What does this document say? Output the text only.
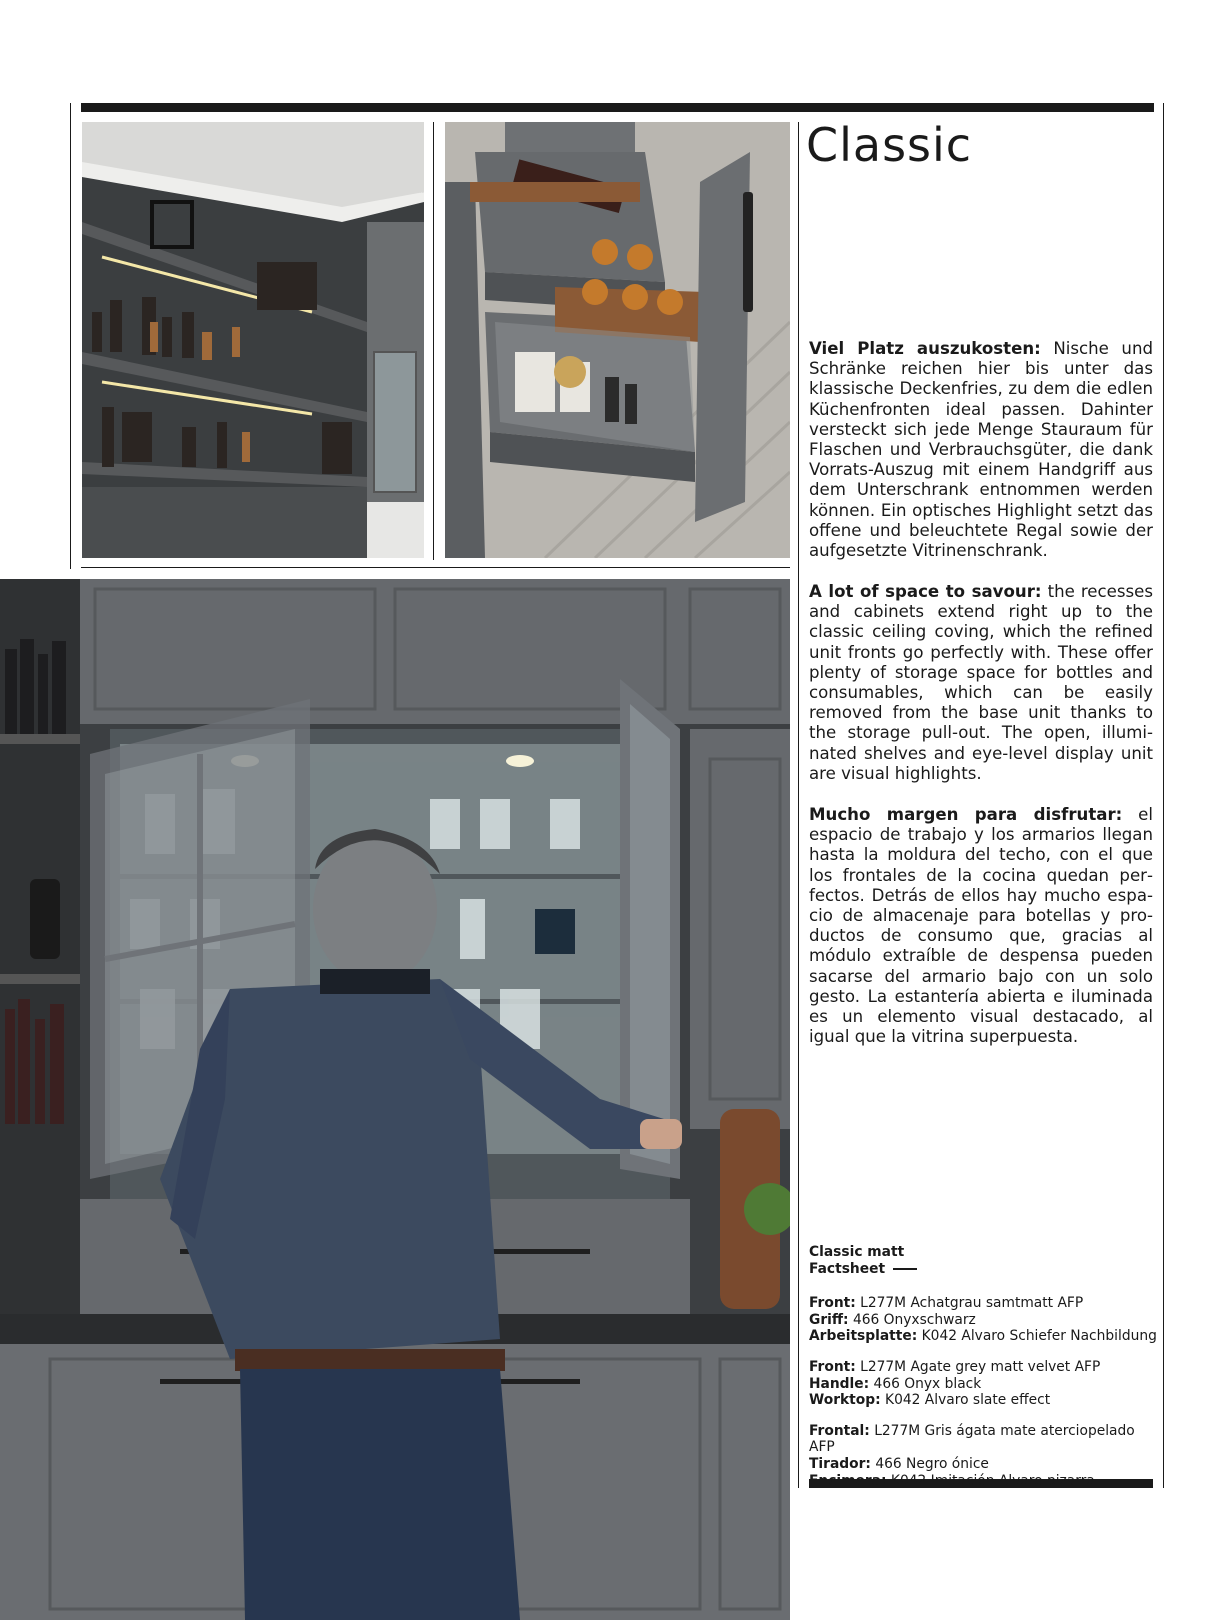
Classic

Viel Platz auszukosten: Nische und Schränke reichen hier bis unter das klassische Deckenfries, zu dem die edlen Küchenfronten ideal passen. Dahinter versteckt sich jede Menge Stauraum für Flaschen und Verbrauchsgüter, die dank Vorrats-Auszug mit einem Handgriff aus dem Unterschrank entnommen werden können. Ein optisches Highlight setzt das offene und beleuchtete Regal sowie der aufgesetzte Vitrinenschrank.

A lot of space to savour: the recesses and cabinets extend right up to the classic ceiling coving, which the refined unit fronts go perfectly with. These offer plenty of storage space for bottles and consumables, which can be easily removed from the base unit thanks to the storage pull-out. The open, illuminated shelves and eye-level display unit are visual highlights.

Mucho margen para disfrutar: el espacio de trabajo y los armarios llegan hasta la moldura del techo, con el que los frontales de la cocina quedan perfectos. Detrás de ellos hay mucho espacio de almacenaje para botellas y productos de consumo que, gracias al módulo extraíble de despensa pueden sacarse del armario bajo con un solo gesto. La estantería abierta e iluminada es un elemento visual destacado, al igual que la vitrina superpuesta.

Classic matt
Factsheet
Front: L277M Achatgrau samtmatt AFP
Griff: 466 Onyxschwarz
Arbeitsplatte: K042 Alvaro Schiefer Nachbildung
Front: L277M Agate grey matt velvet AFP
Handle: 466 Onyx black
Worktop: K042 Alvaro slate effect
Frontal: L277M Gris ágata mate aterciopelado AFP
Tirador: 466 Negro ónice
Encimera: K042 Imitación Alvaro pizarra
